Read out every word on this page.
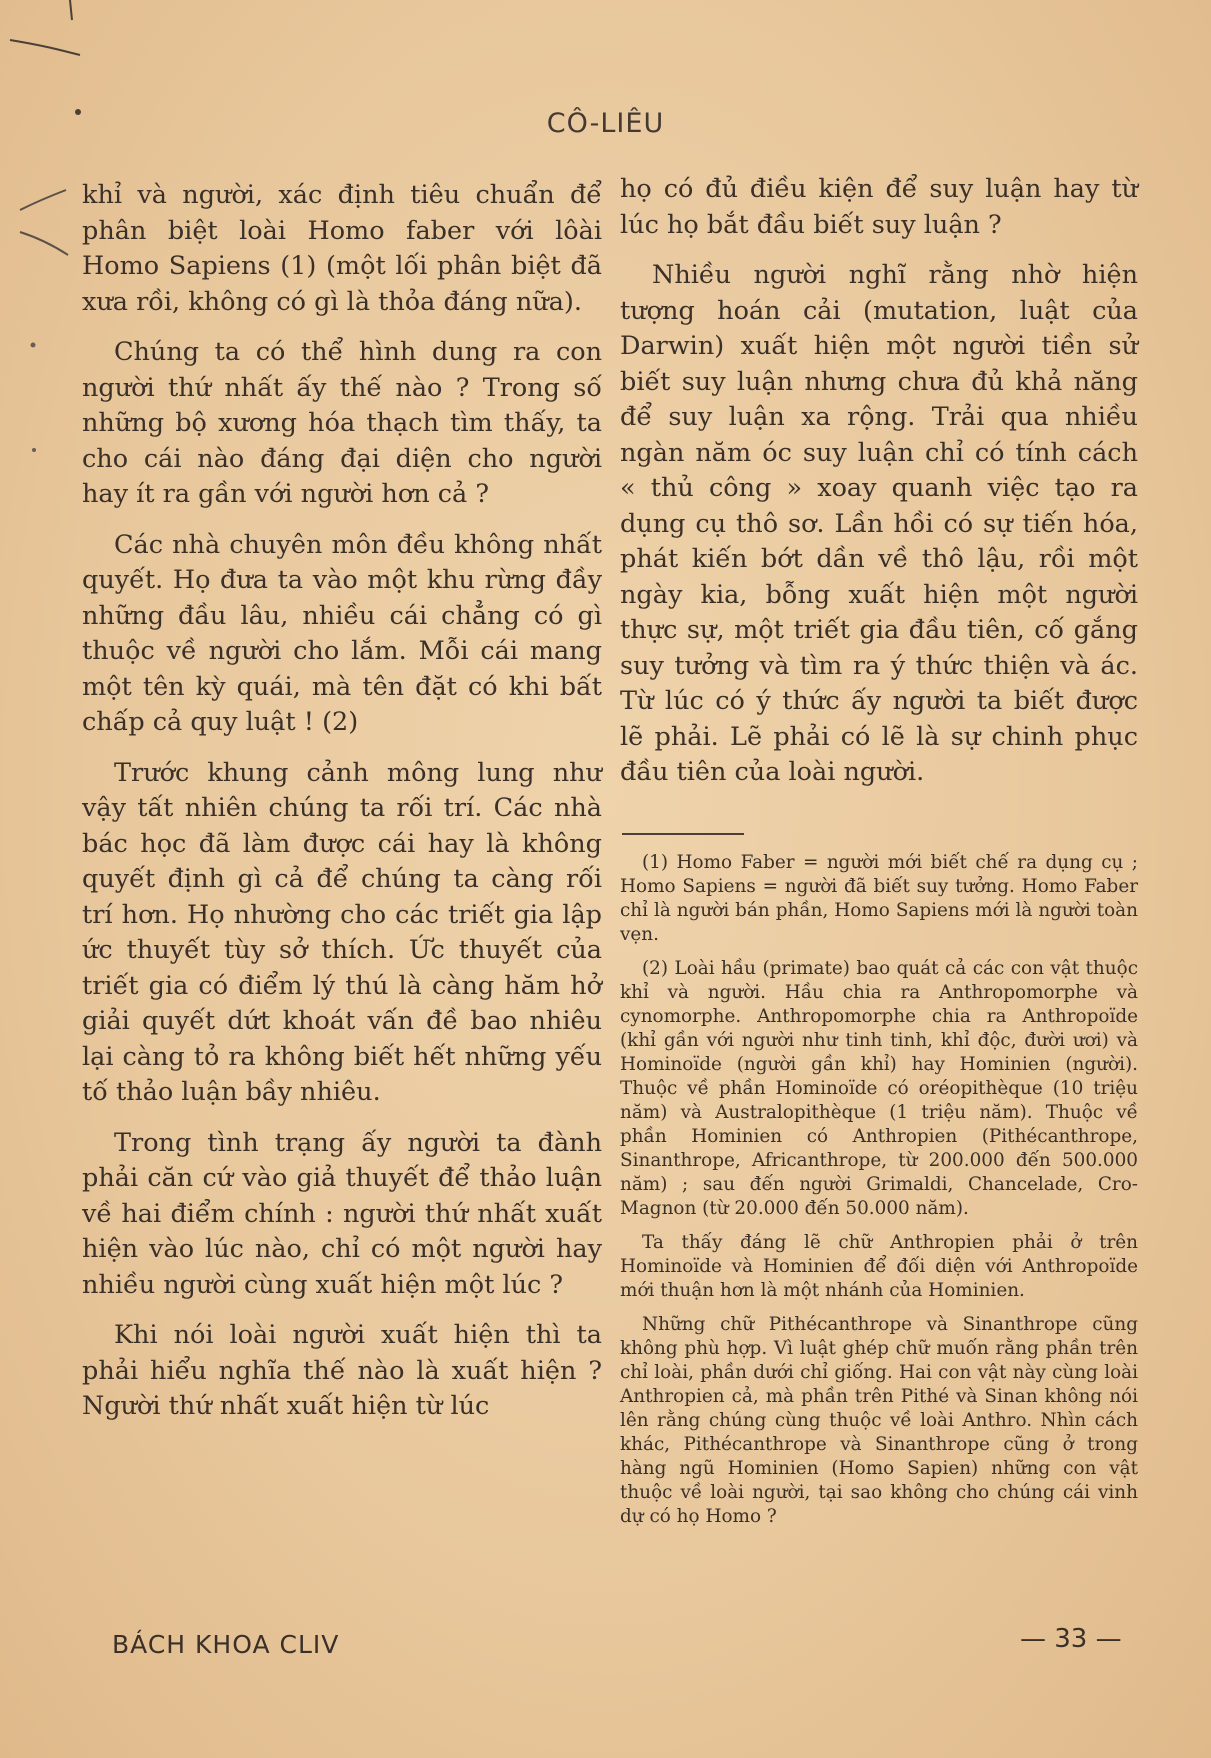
CÔ-LIÊU

khỉ và người, xác định tiêu chuẩn để phân biệt loài Homo faber với lôài Homo Sapiens (1) (một lối phân biệt đã xưa rồi, không có gì là thỏa đáng nữa).

Chúng ta có thể hình dung ra con người thứ nhất ấy thế nào ? Trong số những bộ xương hóa thạch tìm thấy, ta cho cái nào đáng đại diện cho người hay ít ra gần với người hơn cả ?

Các nhà chuyên môn đều không nhất quyết. Họ đưa ta vào một khu rừng đầy những đầu lâu, nhiều cái chẳng có gì thuộc về người cho lắm. Mỗi cái mang một tên kỳ quái, mà tên đặt có khi bất chấp cả quy luật ! (2)

Trước khung cảnh mông lung như vậy tất nhiên chúng ta rối trí. Các nhà bác học đã làm được cái hay là không quyết định gì cả để chúng ta càng rối trí hơn. Họ nhường cho các triết gia lập ức thuyết tùy sở thích. Ức thuyết của triết gia có điểm lý thú là càng hăm hở giải quyết dứt khoát vấn đề bao nhiêu lại càng tỏ ra không biết hết những yếu tố thảo luận bầy nhiêu.

Trong tình trạng ấy người ta đành phải căn cứ vào giả thuyết để thảo luận về hai điểm chính : người thứ nhất xuất hiện vào lúc nào, chỉ có một người hay nhiều người cùng xuất hiện một lúc ?

Khi nói loài người xuất hiện thì ta phải hiểu nghĩa thế nào là xuất hiện ? Người thứ nhất xuất hiện từ lúc

họ có đủ điều kiện để suy luận hay từ lúc họ bắt đầu biết suy luận ?

Nhiều người nghĩ rằng nhờ hiện tượng hoán cải (mutation, luật của Darwin) xuất hiện một người tiền sử biết suy luận nhưng chưa đủ khả năng để suy luận xa rộng. Trải qua nhiều ngàn năm óc suy luận chỉ có tính cách « thủ công » xoay quanh việc tạo ra dụng cụ thô sơ. Lần hồi có sự tiến hóa, phát kiến bớt dần về thô lậu, rồi một ngày kia, bỗng xuất hiện một người thực sự, một triết gia đầu tiên, cố gắng suy tưởng và tìm ra ý thức thiện và ác. Từ lúc có ý thức ấy người ta biết được lẽ phải. Lẽ phải có lẽ là sự chinh phục đầu tiên của loài người.

(1) Homo Faber = người mới biết chế ra dụng cụ ; Homo Sapiens = người đã biết suy tưởng. Homo Faber chỉ là người bán phần, Homo Sapiens mới là người toàn vẹn.

(2) Loài hầu (primate) bao quát cả các con vật thuộc khỉ và người. Hầu chia ra Anthropomorphe và cynomorphe. Anthropomorphe chia ra Anthropoïde (khỉ gần với người như tinh tinh, khỉ độc, đười ươi) và Hominoïde (người gần khỉ) hay Hominien (người). Thuộc về phần Hominoïde có oréopithèque (10 triệu năm) và Australopithèque (1 triệu năm). Thuộc về phần Hominien có Anthropien (Pithécanthrope, Sinanthrope, Africanthrope, từ 200.000 đến 500.000 năm) ; sau đến người Grimaldi, Chancelade, Cro-Magnon (từ 20.000 đến 50.000 năm).

Ta thấy đáng lẽ chữ Anthropien phải ở trên Hominoïde và Hominien để đối diện với Anthropoïde mới thuận hơn là một nhánh của Hominien.

Những chữ Pithécanthrope và Sinanthrope cũng không phù hợp. Vì luật ghép chữ muốn rằng phần trên chỉ loài, phần dưới chỉ giống. Hai con vật này cùng loài Anthropien cả, mà phần trên Pithé và Sinan không nói lên rằng chúng cùng thuộc về loài Anthro. Nhìn cách khác, Pithécanthrope và Sinanthrope cũng ở trong hàng ngũ Hominien (Homo Sapien) những con vật thuộc về loài người, tại sao không cho chúng cái vinh dự có họ Homo ?

BÁCH KHOA CLIV	— 33 —
